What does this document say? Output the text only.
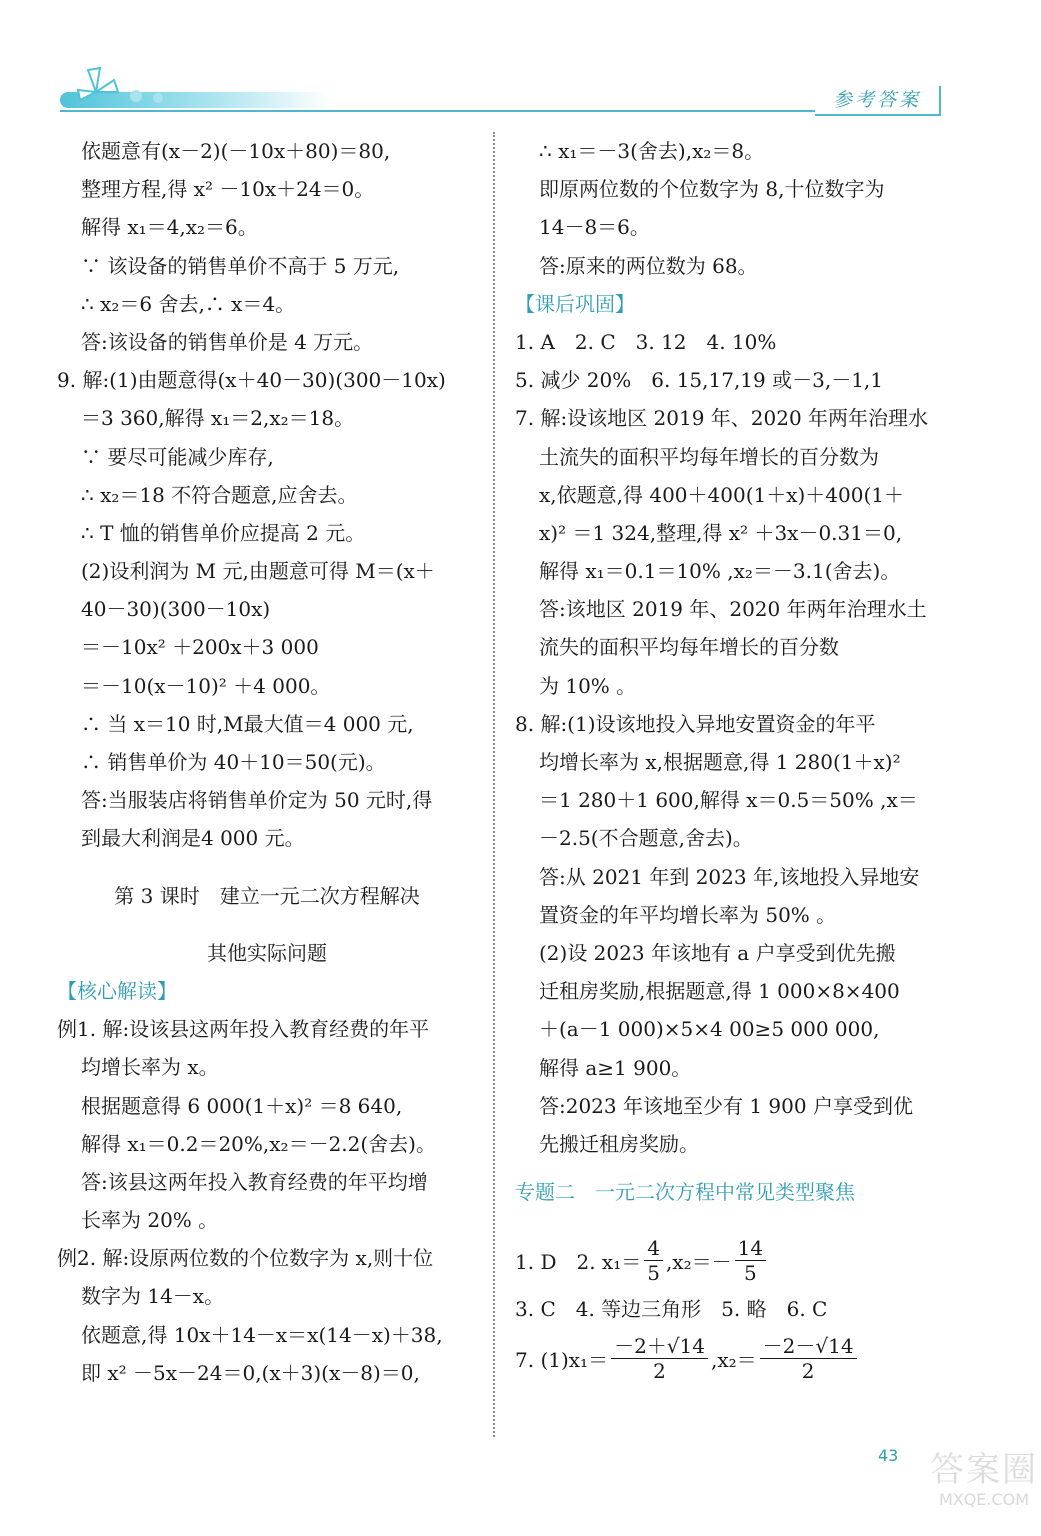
参考答案
依题意有(x－2)(－10x＋80)＝80,
整理方程,得 x² －10x＋24＝0。
解得 x₁＝4,x₂＝6。
∵ 该设备的销售单价不高于 5 万元,
∴ x₂＝6 舍去,∴ x＝4。
答:该设备的销售单价是 4 万元。
9. 解:(1)由题意得(x＋40－30)(300－10x)
＝3 360,解得 x₁＝2,x₂＝18。
∵ 要尽可能减少库存,
∴ x₂＝18 不符合题意,应舍去。
∴ T 恤的销售单价应提高 2 元。
(2)设利润为 M 元,由题意可得 M＝(x＋
40－30)(300－10x)
＝－10x² ＋200x＋3 000
＝－10(x－10)² ＋4 000。
∴ 当 x＝10 时,M最大值＝4 000 元,
∴ 销售单价为 40＋10＝50(元)。
答:当服装店将销售单价定为 50 元时,得
到最大利润是4 000 元。
第 3 课时　建立一元二次方程解决
其他实际问题
【核心解读】
例1. 解:设该县这两年投入教育经费的年平
均增长率为 x。
根据题意得 6 000(1＋x)² ＝8 640,
解得 x₁＝0.2＝20%,x₂＝－2.2(舍去)。
答:该县这两年投入教育经费的年平均增
长率为 20% 。
例2. 解:设原两位数的个位数字为 x,则十位
数字为 14－x。
依题意,得 10x＋14－x＝x(14－x)＋38,
即 x² －5x－24＝0,(x＋3)(x－8)＝0,
∴ x₁＝－3(舍去),x₂＝8。
即原两位数的个位数字为 8,十位数字为
14－8＝6。
答:原来的两位数为 68。
【课后巩固】
1. A　2. C　3. 12　4. 10%
5. 减少 20%　6. 15,17,19 或－3,－1,1
7. 解:设该地区 2019 年、2020 年两年治理水
土流失的面积平均每年增长的百分数为
x,依题意,得 400＋400(1＋x)＋400(1＋
x)² ＝1 324,整理,得 x² ＋3x－0.31＝0,
解得 x₁＝0.1＝10% ,x₂＝－3.1(舍去)。
答:该地区 2019 年、2020 年两年治理水土
流失的面积平均每年增长的百分数
为 10% 。
8. 解:(1)设该地投入异地安置资金的年平
均增长率为 x,根据题意,得 1 280(1＋x)²
＝1 280＋1 600,解得 x＝0.5＝50% ,x＝
－2.5(不合题意,舍去)。
答:从 2021 年到 2023 年,该地投入异地安
置资金的年平均增长率为 50% 。
(2)设 2023 年该地有 a 户享受到优先搬
迁租房奖励,根据题意,得 1 000×8×400
＋(a－1 000)×5×4 00≥5 000 000,
解得 a≥1 900。
答:2023 年该地至少有 1 900 户享受到优
先搬迁租房奖励。
专题二　一元二次方程中常见类型聚焦
1. D　2. $x_1= \frac{4}{5} ,x_2=- \frac{14}{5}$
3. C　4. 等边三角形　5. 略　6. C
7. $(1)x_1= \frac{-2+√14}{2} ,x_2= \frac{-2-√14}{2}$
43 答案圈
MXQE.COM
